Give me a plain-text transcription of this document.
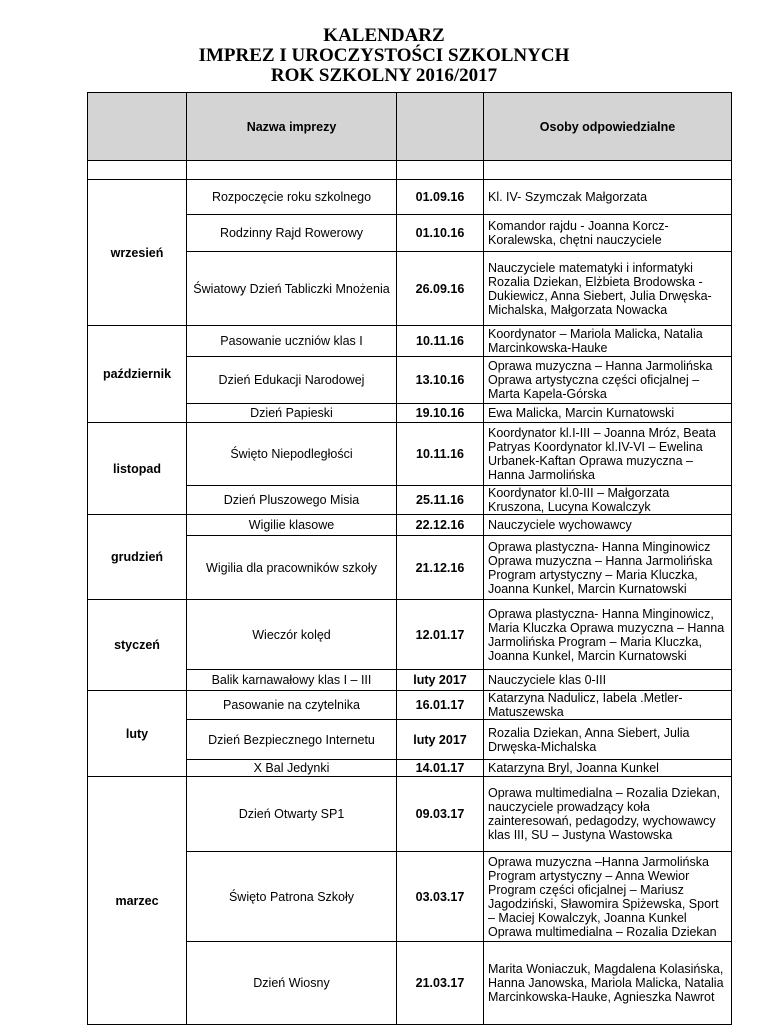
KALENDARZ
IMPREZ I UROCZYSTOŚCI SZKOLNYCH
ROK SZKOLNY 2016/2017
	Nazwa imprezy		Osoby odpowiedzialne

wrzesień	Rozpoczęcie roku szkolnego	01.09.16	Kl. IV- Szymczak Małgorzata
	Rodzinny Rajd Rowerowy	01.10.16	Komandor rajdu - Joanna Korcz-Koralewska, chętni nauczyciele
	Światowy Dzień Tabliczki Mnożenia	26.09.16	Nauczyciele matematyki i informatyki Rozalia Dziekan, Elżbieta Brodowska - Dukiewicz, Anna Siebert, Julia Drwęska-Michalska, Małgorzata Nowacka
październik	Pasowanie uczniów klas I	10.11.16	Koordynator – Mariola Malicka, Natalia Marcinkowska-Hauke
	Dzień Edukacji Narodowej	13.10.16	Oprawa muzyczna – Hanna Jarmolińska Oprawa artystyczna części oficjalnej – Marta Kapela-Górska
	Dzień Papieski	19.10.16	Ewa Malicka, Marcin Kurnatowski
listopad	Święto Niepodległości	10.11.16	Koordynator kl.I-III – Joanna Mróz, Beata Patryas Koordynator kl.IV-VI – Ewelina Urbanek-Kaftan Oprawa muzyczna – Hanna Jarmolińska
	Dzień Pluszowego Misia	25.11.16	Koordynator kl.0-III – Małgorzata Kruszona, Lucyna Kowalczyk
grudzień	Wigilie klasowe	22.12.16	Nauczyciele wychowawcy
	Wigilia dla pracowników szkoły	21.12.16	Oprawa plastyczna- Hanna Minginowicz Oprawa muzyczna – Hanna Jarmolińska Program artystyczny – Maria Kluczka, Joanna Kunkel, Marcin Kurnatowski
styczeń	Wieczór kolęd	12.01.17	Oprawa plastyczna- Hanna Minginowicz, Maria Kluczka Oprawa muzyczna – Hanna Jarmolińska Program – Maria Kluczka, Joanna Kunkel, Marcin Kurnatowski
	Balik karnawałowy klas I – III	luty 2017	Nauczyciele klas 0-III
luty	Pasowanie na czytelnika	16.01.17	Katarzyna Nadulicz, Iabela .Metler-Matuszewska
	Dzień Bezpiecznego Internetu	luty 2017	Rozalia Dziekan, Anna Siebert, Julia Drwęska-Michalska
	X Bal Jedynki	14.01.17	Katarzyna Bryl, Joanna Kunkel
marzec	Dzień Otwarty SP1	09.03.17	Oprawa multimedialna – Rozalia Dziekan, nauczyciele prowadzący koła zainteresowań, pedagodzy, wychowawcy klas III, SU – Justyna Wastowska
	Święto Patrona Szkoły	03.03.17	Oprawa muzyczna –Hanna Jarmolińska Program artystyczny – Anna Wewior Program części oficjalnej – Mariusz Jagodziński, Sławomira Spiżewska, Sport – Maciej Kowalczyk, Joanna Kunkel Oprawa multimedialna – Rozalia Dziekan
	Dzień Wiosny	21.03.17	Marita Woniaczuk, Magdalena Kolasińska, Hanna Janowska, Mariola Malicka, Natalia Marcinkowska-Hauke, Agnieszka Nawrot
